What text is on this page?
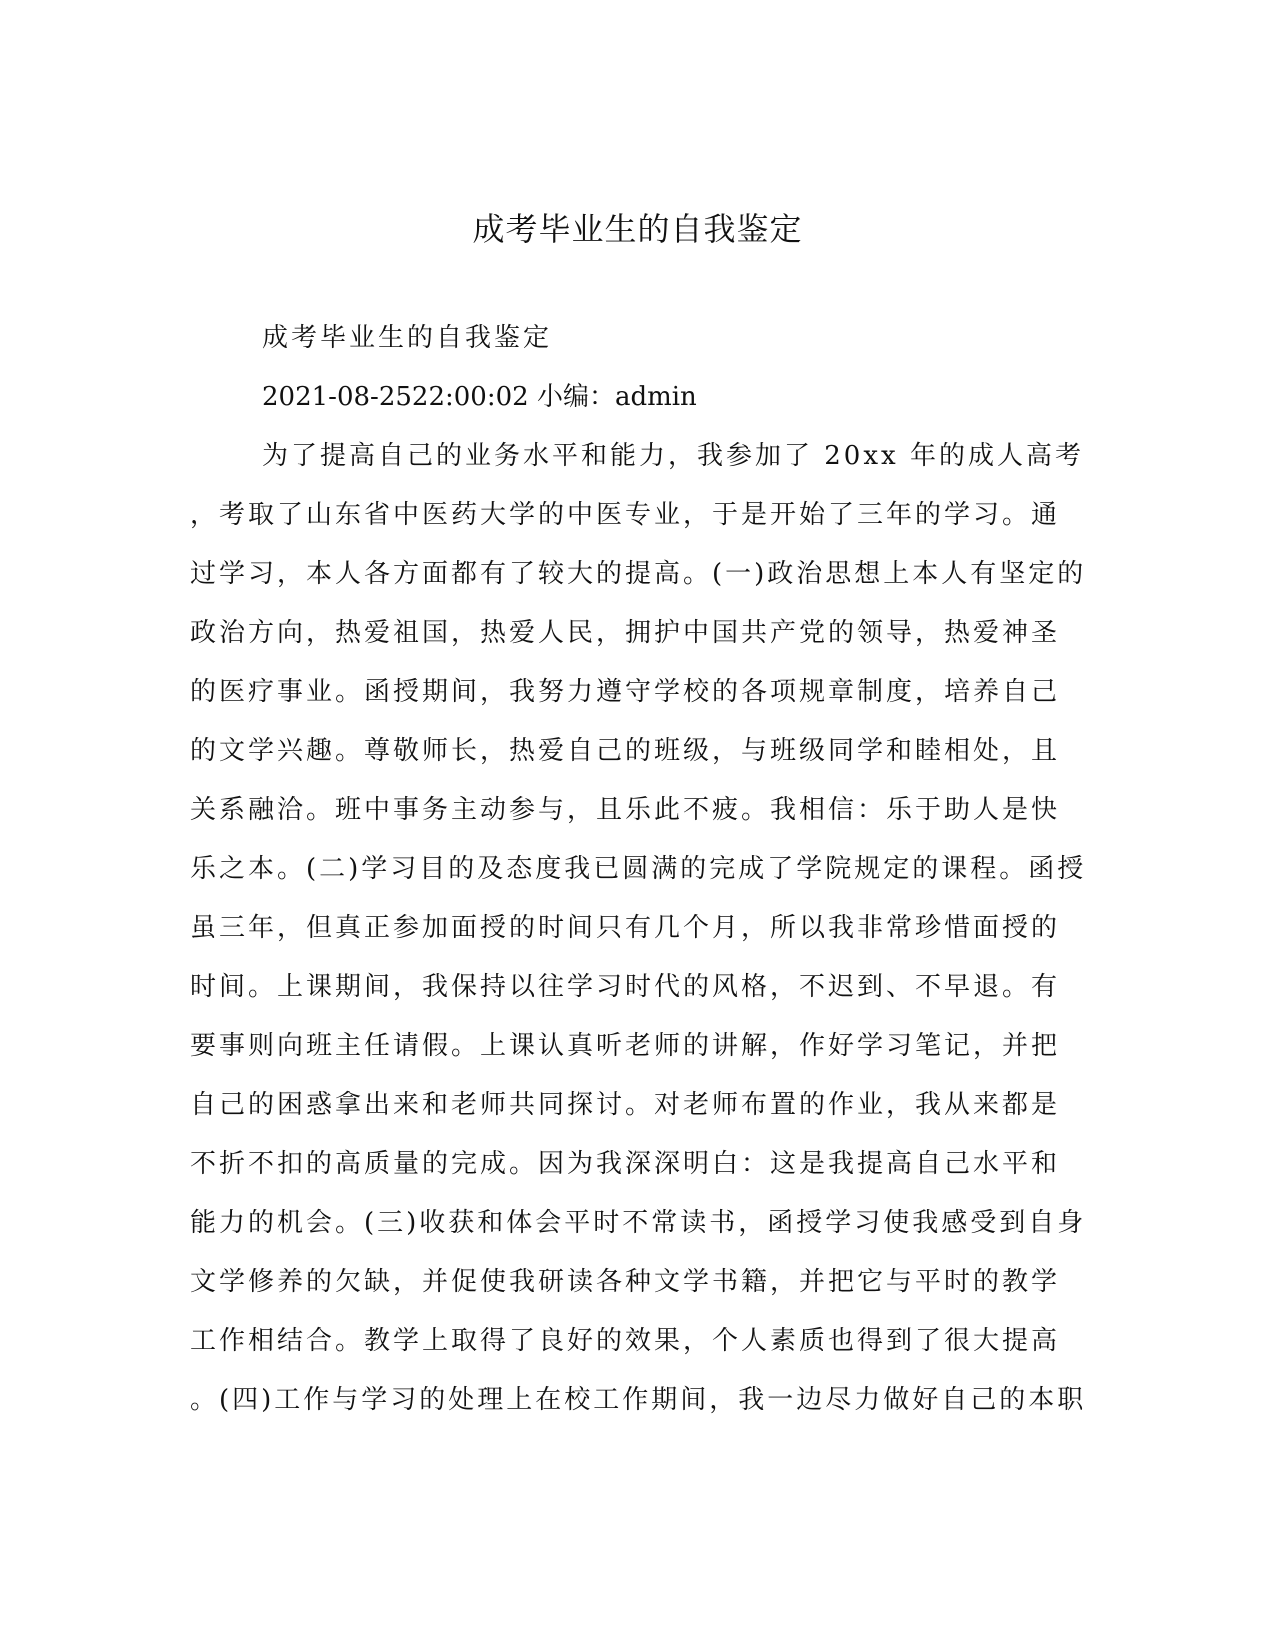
成考毕业生的自我鉴定

成考毕业生的自我鉴定

2021-08-2522:00:02 小编：admin

为了提高自己的业务水平和能力，我参加了 20xx 年的成人高考

，考取了山东省中医药大学的中医专业，于是开始了三年的学习。通

过学习，本人各方面都有了较大的提高。(一)政治思想上本人有坚定的

政治方向，热爱祖国，热爱人民，拥护中国共产党的领导，热爱神圣

的医疗事业。函授期间，我努力遵守学校的各项规章制度，培养自己

的文学兴趣。尊敬师长，热爱自己的班级，与班级同学和睦相处，且

关系融洽。班中事务主动参与，且乐此不疲。我相信：乐于助人是快

乐之本。(二)学习目的及态度我已圆满的完成了学院规定的课程。函授

虽三年，但真正参加面授的时间只有几个月，所以我非常珍惜面授的

时间。上课期间，我保持以往学习时代的风格，不迟到、不早退。有

要事则向班主任请假。上课认真听老师的讲解，作好学习笔记，并把

自己的困惑拿出来和老师共同探讨。对老师布置的作业，我从来都是

不折不扣的高质量的完成。因为我深深明白：这是我提高自己水平和

能力的机会。(三)收获和体会平时不常读书，函授学习使我感受到自身

文学修养的欠缺，并促使我研读各种文学书籍，并把它与平时的教学

工作相结合。教学上取得了良好的效果，个人素质也得到了很大提高

。(四)工作与学习的处理上在校工作期间，我一边尽力做好自己的本职
